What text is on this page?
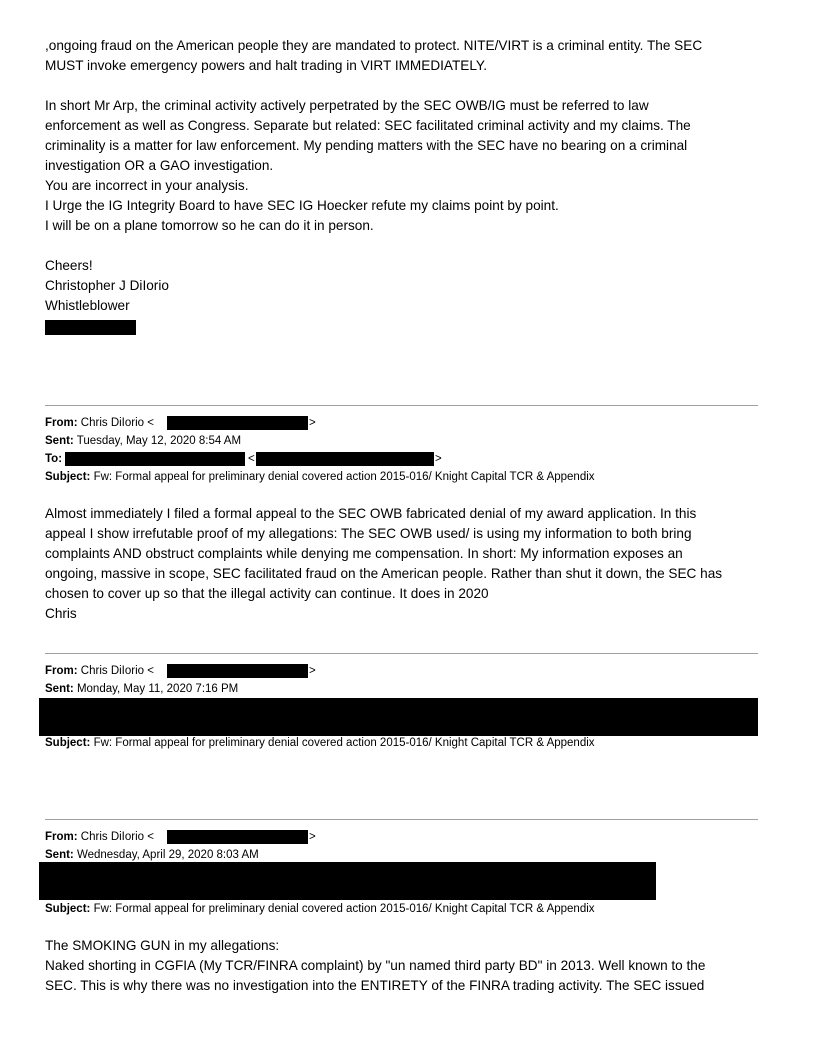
,ongoing fraud on the American people they are mandated to protect. NITE/VIRT is a criminal entity. The SEC
MUST invoke emergency powers and halt trading in VIRT IMMEDIATELY.
In short Mr Arp, the criminal activity actively perpetrated by the SEC OWB/IG must be referred to law
enforcement as well as Congress. Separate but related: SEC facilitated criminal activity and my claims. The
criminality is a matter for law enforcement. My pending matters with the SEC have no bearing on a criminal
investigation OR a GAO investigation.
You are incorrect in your analysis.
I Urge the IG Integrity Board to have SEC IG Hoecker refute my claims point by point.
I will be on a plane tomorrow so he can do it in person.
Cheers!
Christopher J DiIorio
Whistleblower
From: Chris DiIorio <	>
Sent: Tuesday, May 12, 2020 8:54 AM
To:	<	>
Subject: Fw: Formal appeal for preliminary denial covered action 2015-016/ Knight Capital TCR & Appendix
Almost immediately I filed a formal appeal to the SEC OWB fabricated denial of my award application. In this
appeal I show irrefutable proof of my allegations: The SEC OWB used/ is using my information to both bring
complaints AND obstruct complaints while denying me compensation. In short: My information exposes an
ongoing, massive in scope, SEC facilitated fraud on the American people. Rather than shut it down, the SEC has
chosen to cover up so that the illegal activity can continue. It does in 2020
Chris
From: Chris DiIorio <	>
Sent: Monday, May 11, 2020 7:16 PM
Subject: Fw: Formal appeal for preliminary denial covered action 2015-016/ Knight Capital TCR & Appendix
From: Chris DiIorio <	>
Sent: Wednesday, April 29, 2020 8:03 AM
Subject: Fw: Formal appeal for preliminary denial covered action 2015-016/ Knight Capital TCR & Appendix
The SMOKING GUN in my allegations:
Naked shorting in CGFIA (My TCR/FINRA complaint) by "un named third party BD" in 2013. Well known to the
SEC. This is why there was no investigation into the ENTIRETY of the FINRA trading activity. The SEC issued
